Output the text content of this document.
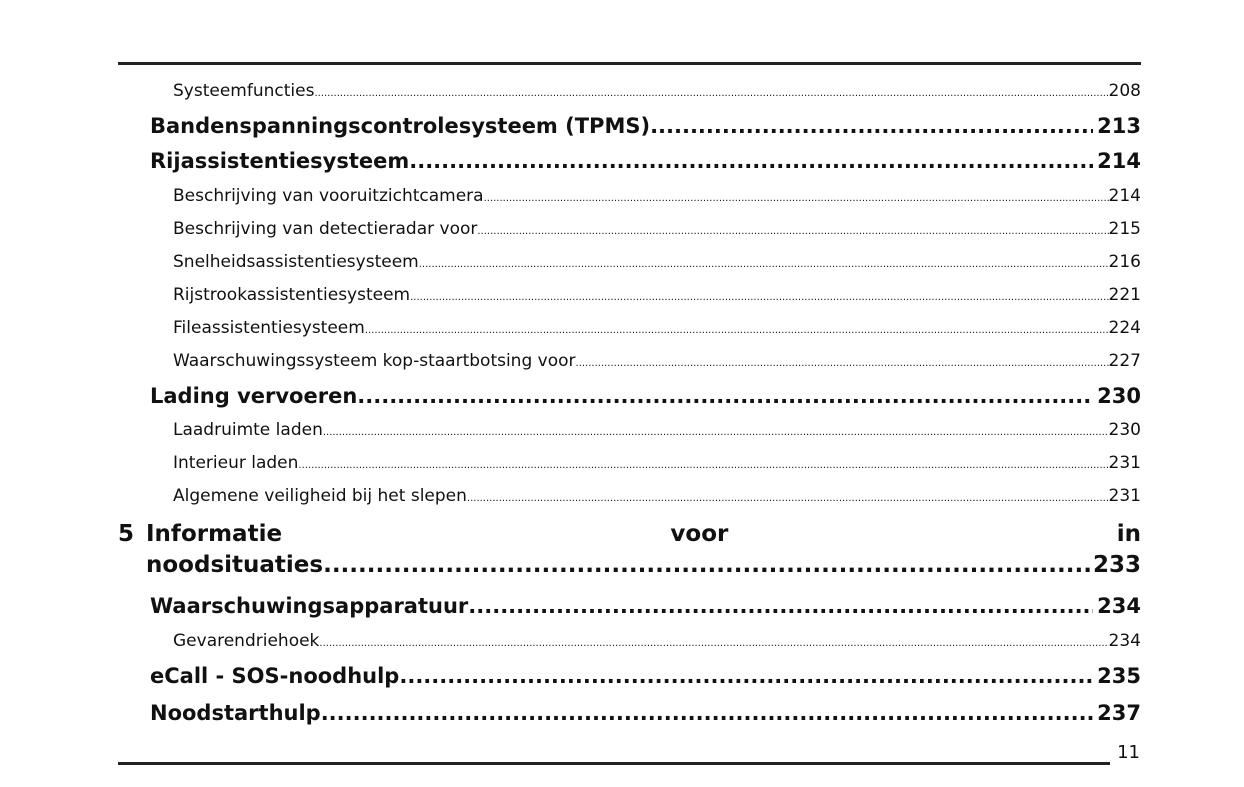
Systeemfuncties .....	208
Bandenspanningscontrolesysteem (TPMS) .....	213
Rijassistentiesysteem .....	214
Beschrijving van vooruitzichtcamera .....	214
Beschrijving van detectieradar voor .....	215
Snelheidsassistentiesysteem .....	216
Rijstrookassistentiesysteem .....	221
Fileassistentiesysteem .....	224
Waarschuwingssysteem kop-staartbotsing voor .....	227
Lading vervoeren .....	230
Laadruimte laden .....	230
Interieur laden .....	231
Algemene veiligheid bij het slepen .....	231
5 Informatie	voor	in
noodsituaties .....	233
Waarschuwingsapparatuur .....	234
Gevarendriehoek .....	234
eCall - SOS-noodhulp .....	235
Noodstarthulp .....	237
11
